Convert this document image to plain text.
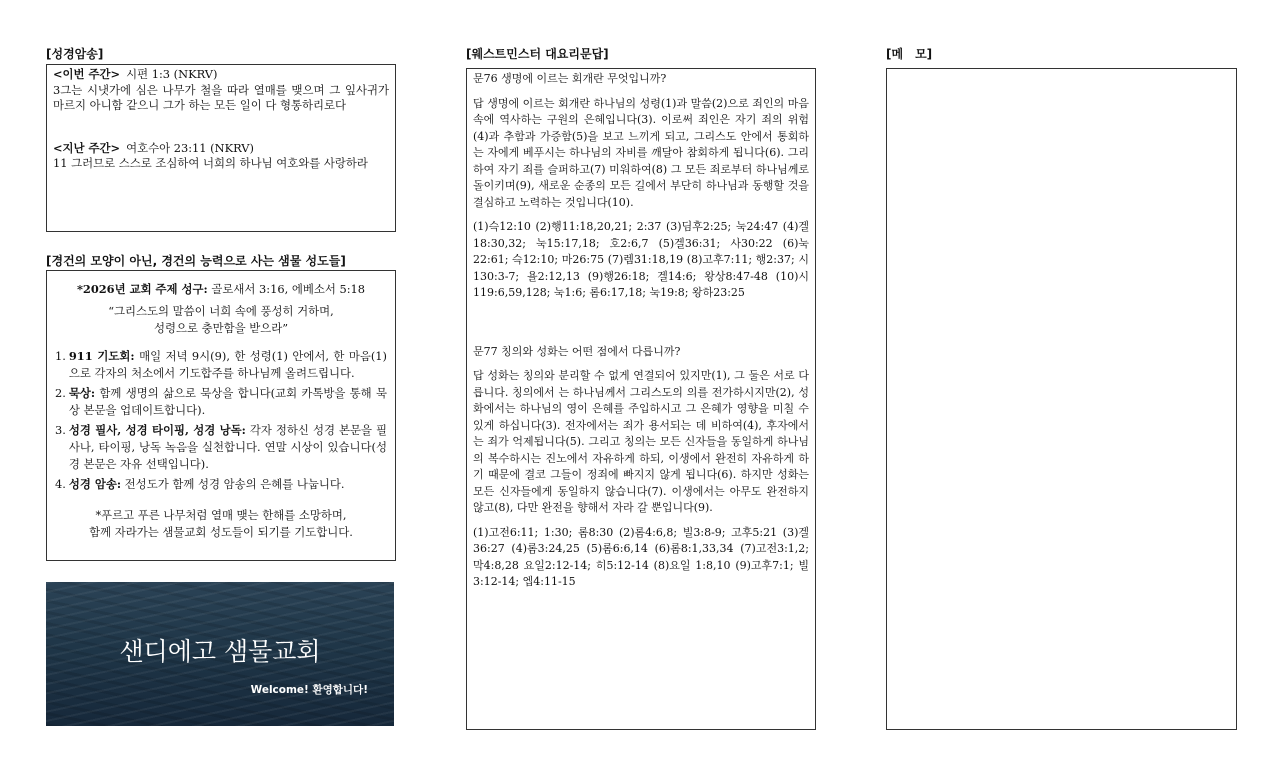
[성경암송]
<이번 주간> 시편 1:3 (NKRV)
3그는 시냇가에 심은 나무가 철을 따라 열매를 맺으며 그 잎사귀가 마르지 아니함 같으니 그가 하는 모든 일이 다 형통하리로다
<지난 주간> 여호수아 23:11 (NKRV)
11 그러므로 스스로 조심하여 너희의 하나님 여호와를 사랑하라
[경건의 모양이 아닌, 경건의 능력으로 사는 샘물 성도들]
*2026년 교회 주제 성구: 골로새서 3:16, 에베소서 5:18
“그리스도의 말씀이 너희 속에 풍성히 거하며,
성령으로 충만함을 받으라”
1. 911 기도회: 매일 저녁 9시(9), 한 성령(1) 안에서, 한 마음(1)으로 각자의 처소에서 기도합주를 하나님께 올려드립니다.
2. 묵상: 함께 생명의 삶으로 묵상을 합니다(교회 카톡방을 통해 묵상 본문을 업데이트합니다).
3. 성경 필사, 성경 타이핑, 성경 낭독: 각자 정하신 성경 본문을 필사나, 타이핑, 낭독 녹음을 실천합니다. 연말 시상이 있습니다(성경 본문은 자유 선택입니다).
4. 성경 암송: 전성도가 함께 성경 암송의 은혜를 나눕니다.
*푸르고 푸른 나무처럼 열매 맺는 한해를 소망하며,
함께 자라가는 샘물교회 성도들이 되기를 기도합니다.
샌디에고 샘물교회
Welcome! 환영합니다!
[웨스트민스터 대요리문답]
문76 생명에 이르는 회개란 무엇입니까?
답 생명에 이르는 회개란 하나님의 성령(1)과 말씀(2)으로 죄인의 마음속에 역사하는 구원의 은혜입니다(3). 이로써 죄인은 자기 죄의 위험(4)과 추함과 가증함(5)을 보고 느끼게 되고, 그리스도 안에서 통회하는 자에게 베푸시는 하나님의 자비를 깨달아 참회하게 됩니다(6). 그리하여 자기 죄를 슬퍼하고(7) 미워하여(8) 그 모든 죄로부터 하나님께로 돌이키며(9), 새로운 순종의 모든 길에서 부단히 하나님과 동행할 것을 결심하고 노력하는 것입니다(10).
(1)슥12:10 (2)행11:18,20,21; 2:37 (3)딤후2:25; 눅24:47 (4)겔18:30,32; 눅15:17,18; 호2:6,7 (5)겔36:31; 사30:22 (6)눅22:61; 슥12:10; 마26:75 (7)렘31:18,19 (8)고후7:11; 행2:37; 시130:3-7; 욜2:12,13 (9)행26:18; 겔14:6; 왕상8:47-48 (10)시119:6,59,128; 눅1:6; 롬6:17,18; 눅19:8; 왕하23:25
문77 칭의와 성화는 어떤 점에서 다릅니까?
답 성화는 칭의와 분리할 수 없게 연결되어 있지만(1), 그 둘은 서로 다릅니다. 칭의에서 는 하나님께서 그리스도의 의를 전가하시지만(2), 성화에서는 하나님의 영이 은혜를 주입하시고 그 은혜가 영향을 미칠 수 있게 하십니다(3). 전자에서는 죄가 용서되는 데 비하여(4), 후자에서는 죄가 억제됩니다(5). 그리고 칭의는 모든 신자들을 동일하게 하나님의 복수하시는 진노에서 자유하게 하되, 이생에서 완전히 자유하게 하기 때문에 결코 그들이 정죄에 빠지지 않게 됩니다(6). 하지만 성화는 모든 신자들에게 동일하지 않습니다(7). 이생에서는 아무도 완전하지 않고(8), 다만 완전을 향해서 자라 갈 뿐입니다(9).
(1)고전6:11; 1:30; 롬8:30 (2)롬4:6,8; 빌3:8-9; 고후5:21 (3)겔36:27 (4)롬3:24,25 (5)롬6:6,14 (6)롬8:1,33,34 (7)고전3:1,2; 막4:8,28 요일2:12-14; 히5:12-14 (8)요일 1:8,10 (9)고후7:1; 빌3:12-14; 엡4:11-15
[메　모]
